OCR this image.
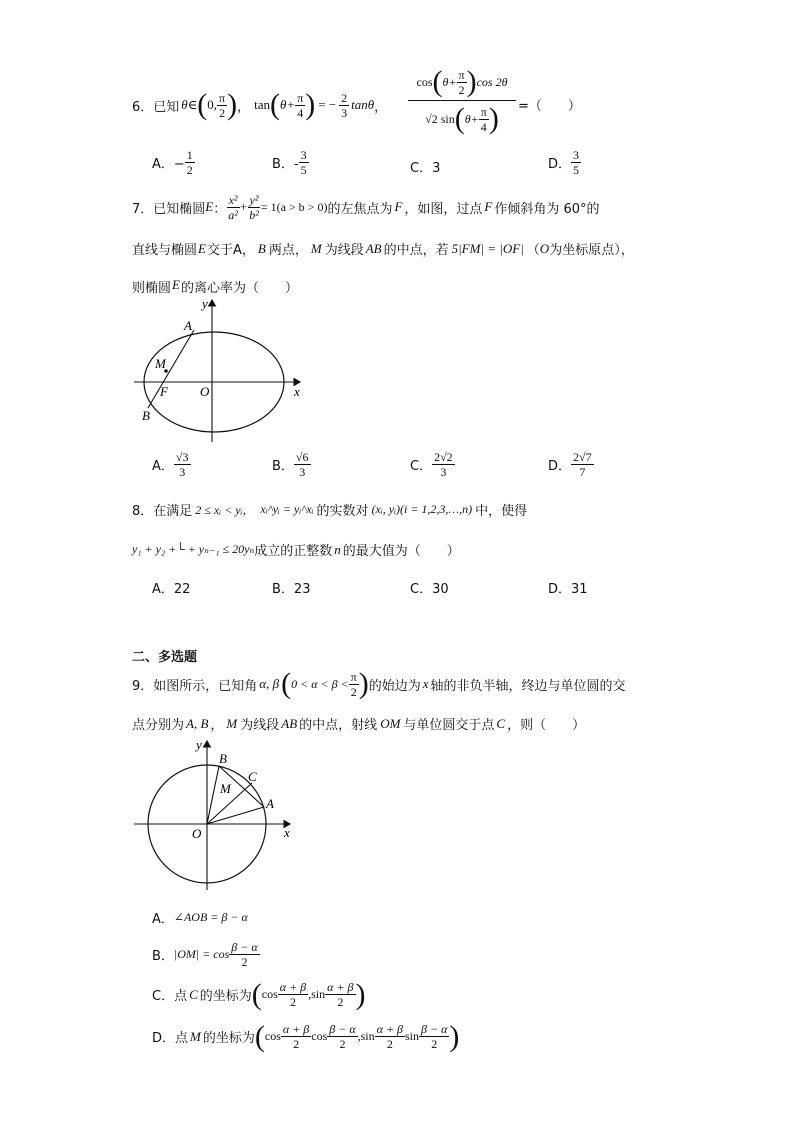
6．已知 θ∈ ( 0, $\frac{\pi}{2}$ ) ， tan ( $\theta+ \frac{\pi}{4}$ ) = − $\frac{2}{3}$ tanθ ，
cos ( $\theta+ \frac{\pi}{2}$ ) cos 2θ
√2 sin ( $\theta+ \frac{\pi}{4}$ ) =（　　）
A．− $\frac{1}{2}$	B．- $\frac{3}{5}$	C．3	D． $\frac{3}{5}$
7．已知椭圆 E ： $\frac{\text{x²}}{\text{a²}} + \frac{\text{y²}}{\text{b²}} = 1(a > b > 0)$ 的左焦点为 F ，如图，过点 F 作倾斜角为 60°的
直线与椭圆 E 交于A， B 两点， M 为线段 AB 的中点，若 5|FM| = |OF| （ O 为坐标原点），
则椭圆 E 的离心率为（　　）
y
x
A
M
F O
B
A． $\frac{√3}{3}$	B． $\frac{√6}{3}$	C． $\frac{2√2}{3}$	D． $\frac{2√7}{7}$
8．在满足 2 ≤ xᵢ < yᵢ， xᵢ^yᵢ = yᵢ^xᵢ 的实数对 (xᵢ, yᵢ)(i = 1,2,3,…,n) 中，使得
y₁ + y₂ +└ + yₙ₋₁ ≤ 20yₙ 成立的正整数 n 的最大值为（　　）
A．22	B．23	C．30	D．31
二、多选题
9．如图所示，已知角 α, β ( $0 < \alpha < \beta < \frac{\pi}{2}$ ) 的始边为 x 轴的非负半轴，终边与单位圆的交
点分别为 A, B ， M 为线段 AB 的中点，射线 OM 与单位圆交于点 C ，则（　　）
y
x
B
C
M
A
O
A． ∠AOB = β − α
B． $|OM| = \cos \frac{\beta - \alpha}{2}$
C．点 C 的坐标为 ( $\cos \frac{\alpha + \beta}{2} ,\sin \frac{\alpha + \beta}{2}$ )
D．点 M 的坐标为 ( $\cos \frac{\alpha + \beta}{2}$ $\cos \frac{\beta - \alpha}{2} ,\sin \frac{\alpha + \beta}{2}$ $\sin \frac{\beta - \alpha}{2}$ )
